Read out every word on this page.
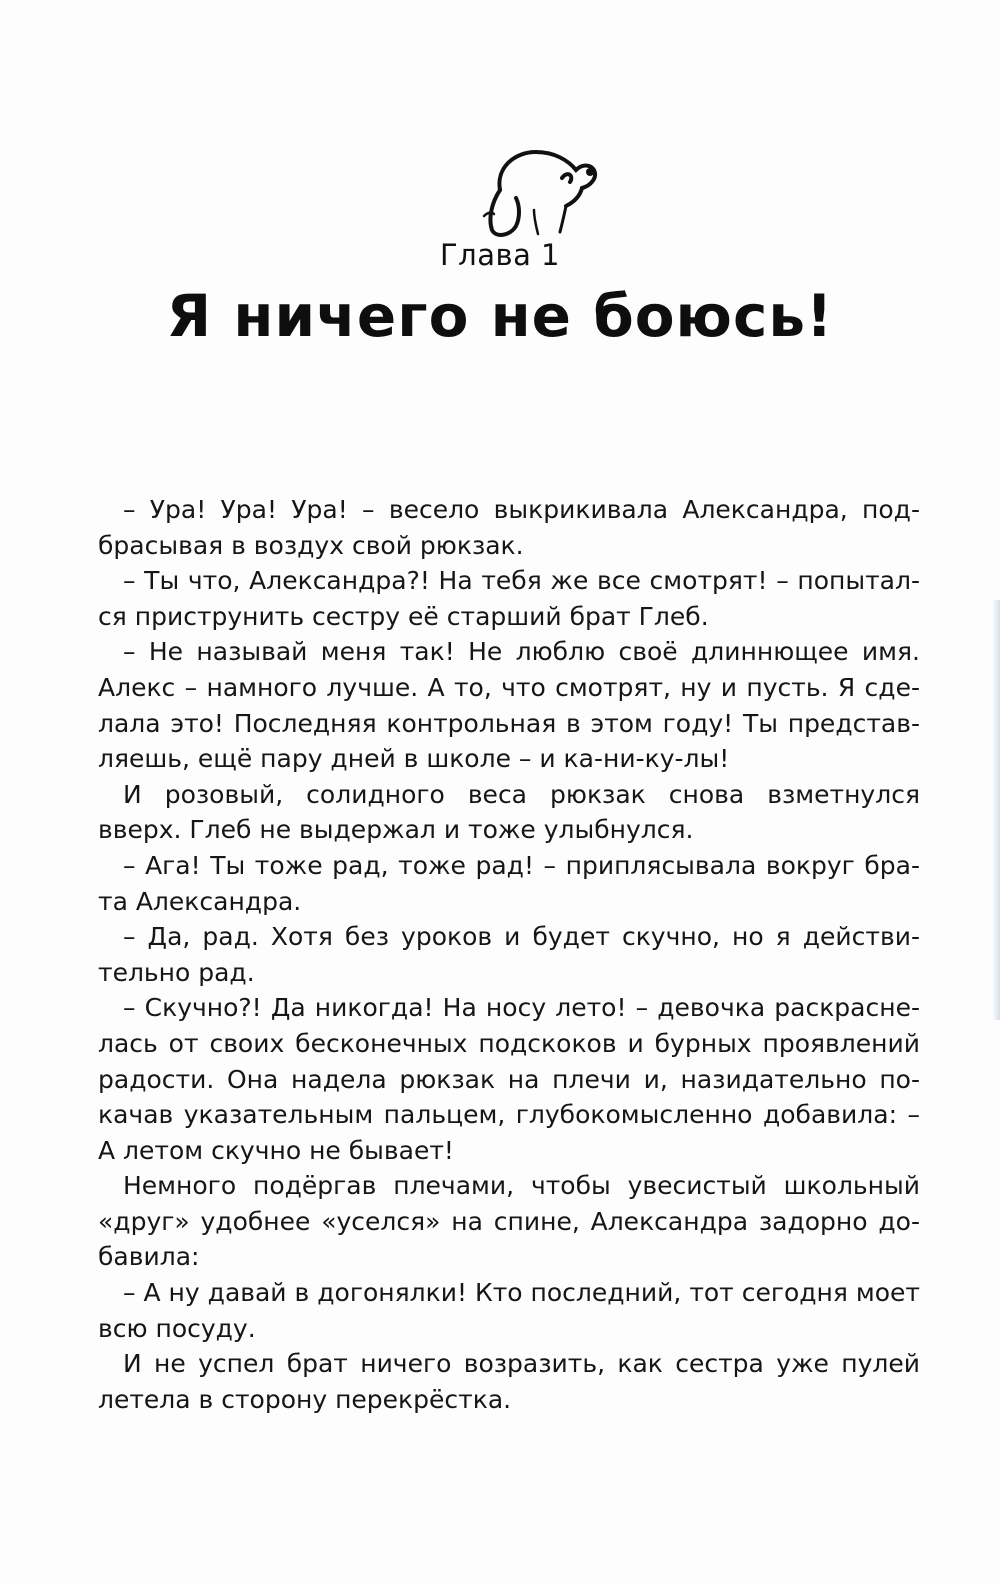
Глава 1
Я ничего не боюсь!

– Ура! Ура! Ура! – весело выкрикивала Александра, подбрасывая в воздух свой рюкзак.

– Ты что, Александра?! На тебя же все смотрят! – попытался приструнить сестру её старший брат Глеб.

– Не называй меня так! Не люблю своё длиннющее имя. Алекс – намного лучше. А то, что смотрят, ну и пусть. Я сделала это! Последняя контрольная в этом году! Ты представляешь, ещё пару дней в школе – и ка-ни-ку-лы!

И розовый, солидного веса рюкзак снова взметнулся вверх. Глеб не выдержал и тоже улыбнулся.

– Ага! Ты тоже рад, тоже рад! – приплясывала вокруг брата Александра.

– Да, рад. Хотя без уроков и будет скучно, но я действительно рад.

– Скучно?! Да никогда! На носу лето! – девочка раскраснелась от своих бесконечных подскоков и бурных проявлений радости. Она надела рюкзак на плечи и, назидательно покачав указательным пальцем, глубокомысленно добавила: – А летом скучно не бывает!

Немного подёргав плечами, чтобы увесистый школьный «друг» удобнее «уселся» на спине, Александра задорно добавила:

– А ну давай в догонялки! Кто последний, тот сегодня моет всю посуду.

И не успел брат ничего возразить, как сестра уже пулей летела в сторону перекрёстка.
